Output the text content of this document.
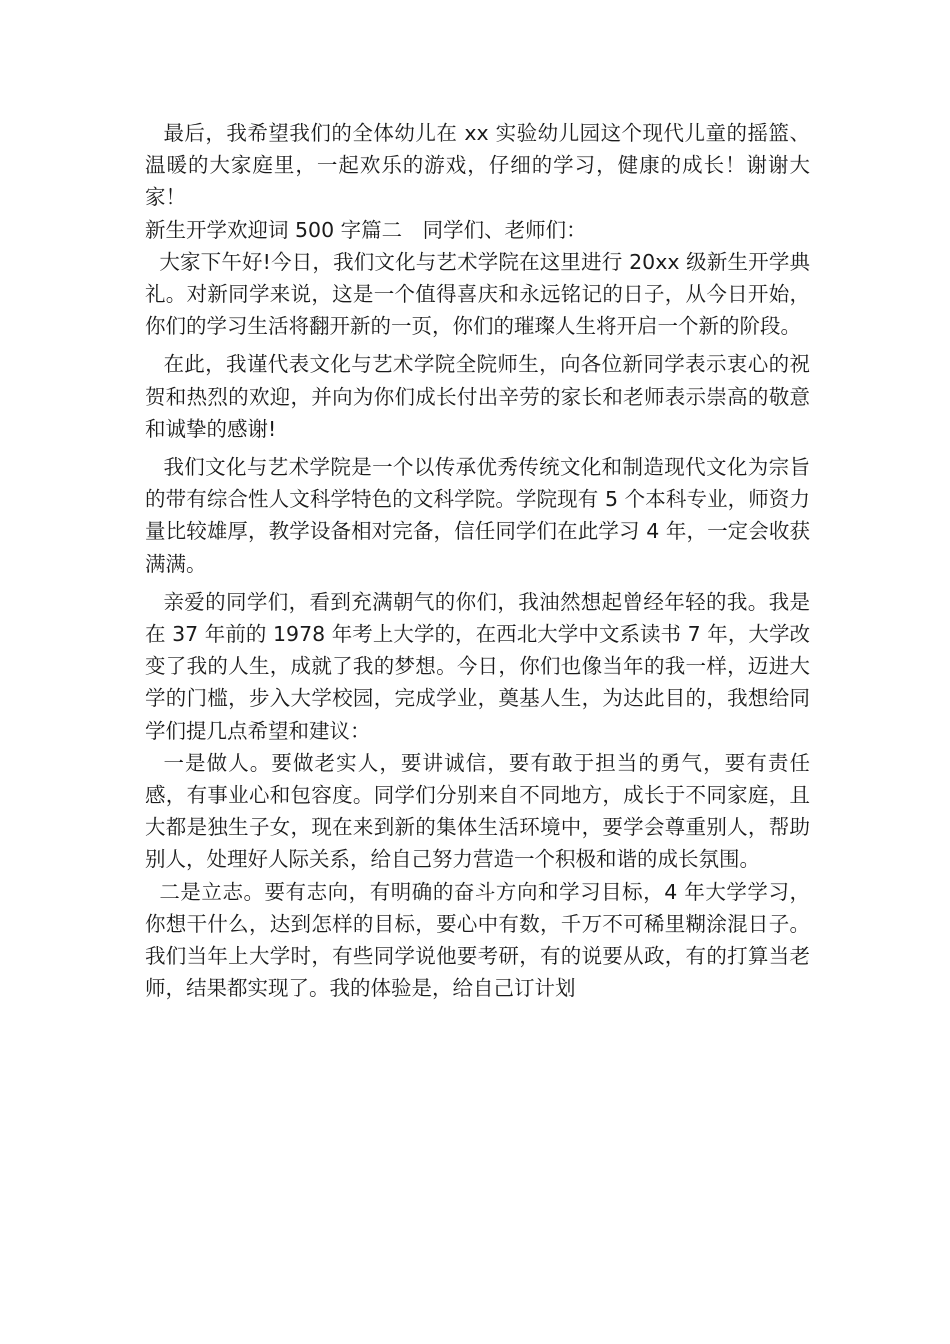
最后，我希望我们的全体幼儿在 xx 实验幼儿园这个现代儿童的摇篮、温暖的大家庭里，一起欢乐的游戏，仔细的学习，健康的成长！谢谢大家！

新生开学欢迎词 500 字篇二　同学们、老师们：

大家下午好!今日，我们文化与艺术学院在这里进行 20xx 级新生开学典礼。对新同学来说，这是一个值得喜庆和永远铭记的日子，从今日开始，你们的学习生活将翻开新的一页，你们的璀璨人生将开启一个新的阶段。

在此，我谨代表文化与艺术学院全院师生，向各位新同学表示衷心的祝贺和热烈的欢迎，并向为你们成长付出辛劳的家长和老师表示崇高的敬意和诚挚的感谢!

我们文化与艺术学院是一个以传承优秀传统文化和制造现代文化为宗旨的带有综合性人文科学特色的文科学院。学院现有 5 个本科专业，师资力量比较雄厚，教学设备相对完备，信任同学们在此学习 4 年，一定会收获满满。

亲爱的同学们，看到充满朝气的你们，我油然想起曾经年轻的我。我是在 37 年前的 1978 年考上大学的，在西北大学中文系读书 7 年，大学改变了我的人生，成就了我的梦想。今日，你们也像当年的我一样，迈进大学的门槛，步入大学校园，完成学业，奠基人生，为达此目的，我想给同学们提几点希望和建议：

一是做人。要做老实人，要讲诚信，要有敢于担当的勇气，要有责任感，有事业心和包容度。同学们分别来自不同地方，成长于不同家庭，且大都是独生子女，现在来到新的集体生活环境中，要学会尊重别人，帮助别人，处理好人际关系，给自己努力营造一个积极和谐的成长氛围。

二是立志。要有志向，有明确的奋斗方向和学习目标，4 年大学学习，你想干什么，达到怎样的目标，要心中有数，千万不可稀里糊涂混日子。我们当年上大学时，有些同学说他要考研，有的说要从政，有的打算当老师，结果都实现了。我的体验是，给自己订计划
